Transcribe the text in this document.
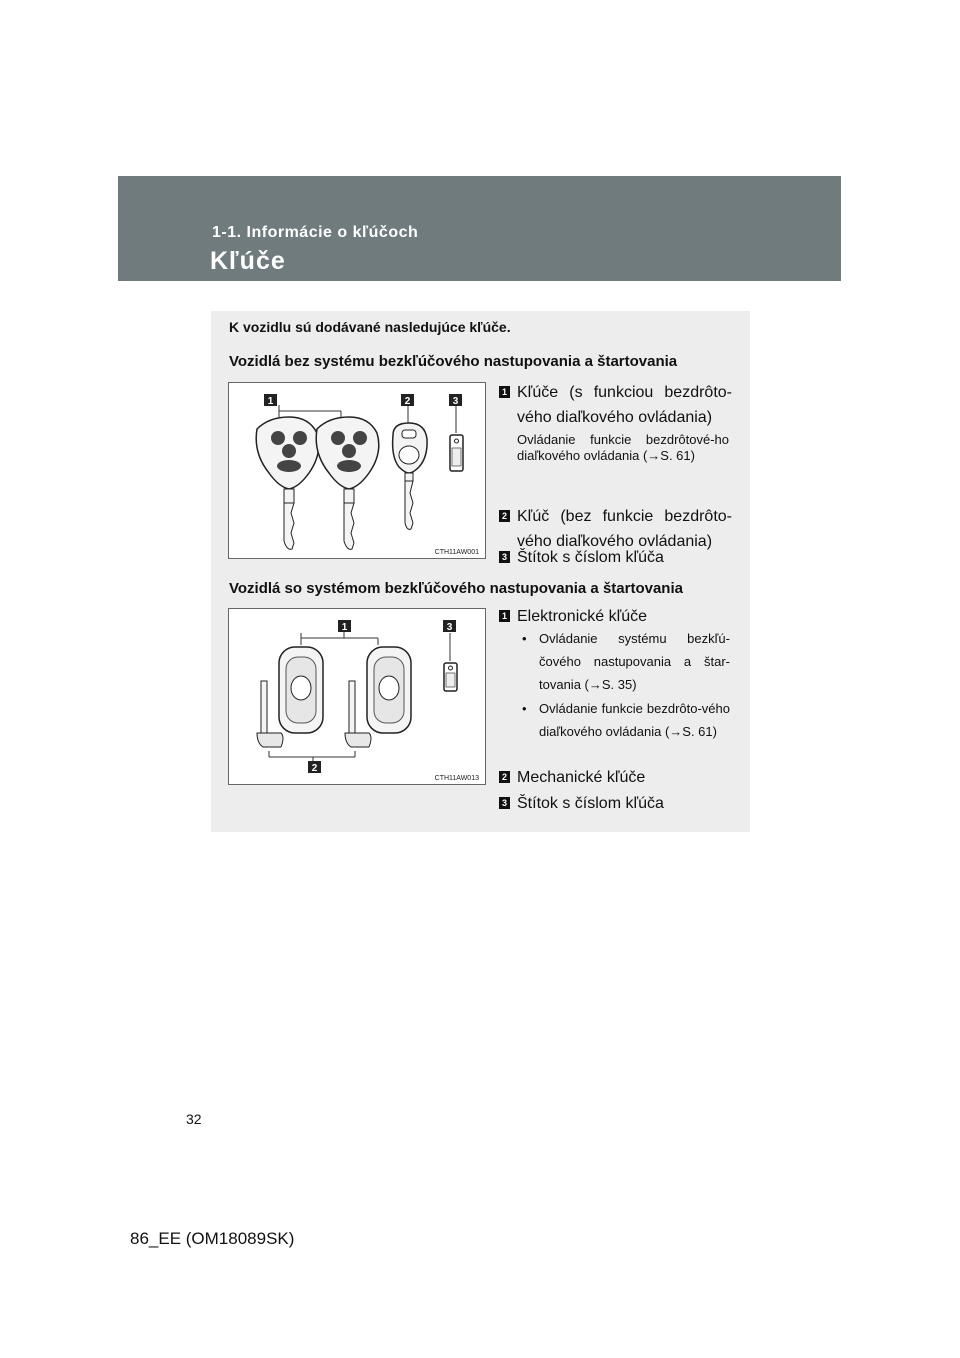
1-1. Informácie o kľúčoch
Kľúče
K vozidlu sú dodávané nasledujúce kľúče.
Vozidlá bez systému bezkľúčového nastupovania a štartovania
1	2	3
CTH11AW001
1 Kľúče (s funkciou bezdrôto-vého diaľkového ovládania)
Ovládanie funkcie bezdrôtové-ho diaľkového ovládania (→S. 61)
2 Kľúč (bez funkcie bezdrôto-vého diaľkového ovládania)
3 Štítok s číslom kľúča
Vozidlá so systémom bezkľúčového nastupovania a štartovania
1	3
2
CTH11AW013
1 Elektronické kľúče
• Ovládanie systému bezkľú-čového nastupovania a štar-tovania (→S. 35)
• Ovládanie funkcie bezdrôto-vého diaľkového ovládania (→S. 61)
2 Mechanické kľúče
3 Štítok s číslom kľúča
32
86_EE (OM18089SK)
